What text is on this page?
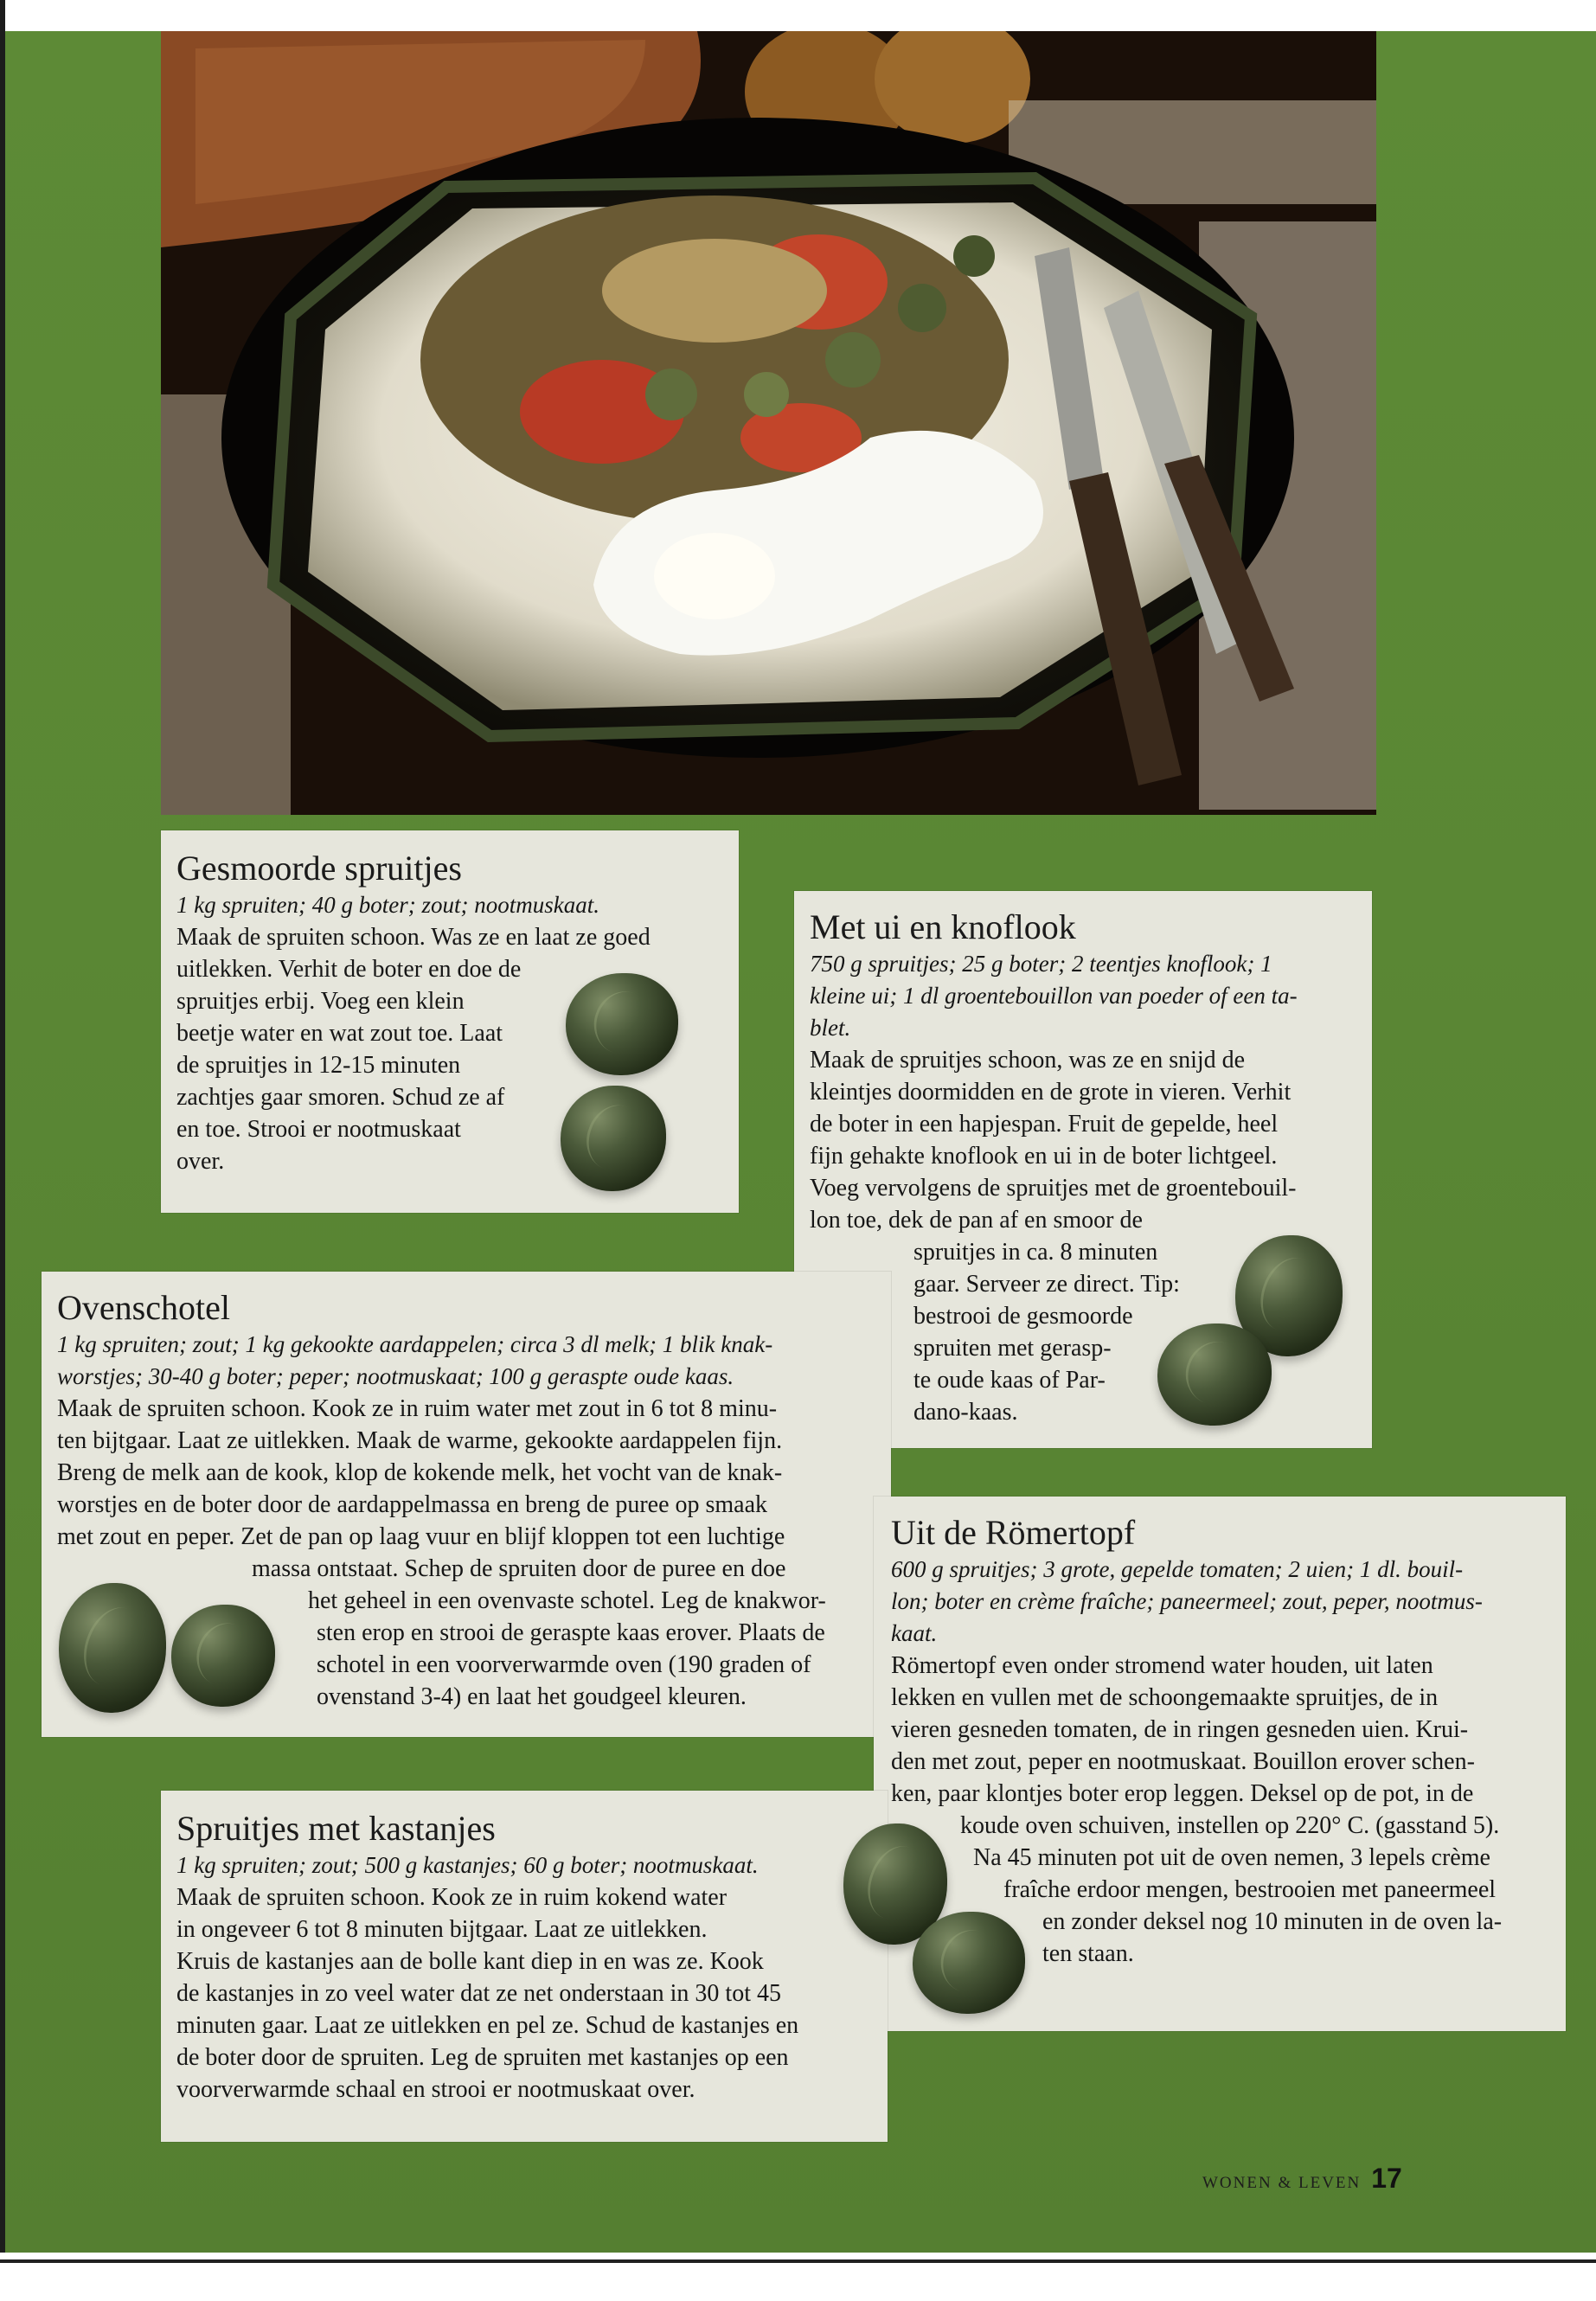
Gesmoorde spruitjes
1 kg spruiten; 40 g boter; zout; nootmuskaat.
Maak de spruiten schoon. Was ze en laat ze goed
uitlekken. Verhit de boter en doe de
spruitjes erbij. Voeg een klein
beetje water en wat zout toe. Laat
de spruitjes in 12-15 minuten
zachtjes gaar smoren. Schud ze af
en toe. Strooi er nootmuskaat
over.
Met ui en knoflook
750 g spruitjes; 25 g boter; 2 teentjes knoflook; 1
kleine ui; 1 dl groentebouillon van poeder of een ta-
blet.
Maak de spruitjes schoon, was ze en snijd de
kleintjes doormidden en de grote in vieren. Verhit
de boter in een hapjespan. Fruit de gepelde, heel
fijn gehakte knoflook en ui in de boter lichtgeel.
Voeg vervolgens de spruitjes met de groentebouil-
lon toe, dek de pan af en smoor de
spruitjes in ca. 8 minuten
gaar. Serveer ze direct. Tip:
bestrooi de gesmoorde
spruiten met gerasp-
te oude kaas of Par-
dano-kaas.
Ovenschotel
1 kg spruiten; zout; 1 kg gekookte aardappelen; circa 3 dl melk; 1 blik knak-
worstjes; 30-40 g boter; peper; nootmuskaat; 100 g geraspte oude kaas.
Maak de spruiten schoon. Kook ze in ruim water met zout in 6 tot 8 minu-
ten bijtgaar. Laat ze uitlekken. Maak de warme, gekookte aardappelen fijn.
Breng de melk aan de kook, klop de kokende melk, het vocht van de knak-
worstjes en de boter door de aardappelmassa en breng de puree op smaak
met zout en peper. Zet de pan op laag vuur en blijf kloppen tot een luchtige
massa ontstaat. Schep de spruiten door de puree en doe
het geheel in een ovenvaste schotel. Leg de knakwor-
sten erop en strooi de geraspte kaas erover. Plaats de
schotel in een voorverwarmde oven (190 graden of
ovenstand 3-4) en laat het goudgeel kleuren.
Uit de Römertopf
600 g spruitjes; 3 grote, gepelde tomaten; 2 uien; 1 dl. bouil-
lon; boter en crème fraîche; paneermeel; zout, peper, nootmus-
kaat.
Römertopf even onder stromend water houden, uit laten
lekken en vullen met de schoongemaakte spruitjes, de in
vieren gesneden tomaten, de in ringen gesneden uien. Krui-
den met zout, peper en nootmuskaat. Bouillon erover schen-
ken, paar klontjes boter erop leggen. Deksel op de pot, in de
koude oven schuiven, instellen op 220° C. (gasstand 5).
Na 45 minuten pot uit de oven nemen, 3 lepels crème
fraîche erdoor mengen, bestrooien met paneermeel
en zonder deksel nog 10 minuten in de oven la-
ten staan.
Spruitjes met kastanjes
1 kg spruiten; zout; 500 g kastanjes; 60 g boter; nootmuskaat.
Maak de spruiten schoon. Kook ze in ruim kokend water
in ongeveer 6 tot 8 minuten bijtgaar. Laat ze uitlekken.
Kruis de kastanjes aan de bolle kant diep in en was ze. Kook
de kastanjes in zo veel water dat ze net onderstaan in 30 tot 45
minuten gaar. Laat ze uitlekken en pel ze. Schud de kastanjes en
de boter door de spruiten. Leg de spruiten met kastanjes op een
voorverwarmde schaal en strooi er nootmuskaat over.
WONEN & LEVEN 17
